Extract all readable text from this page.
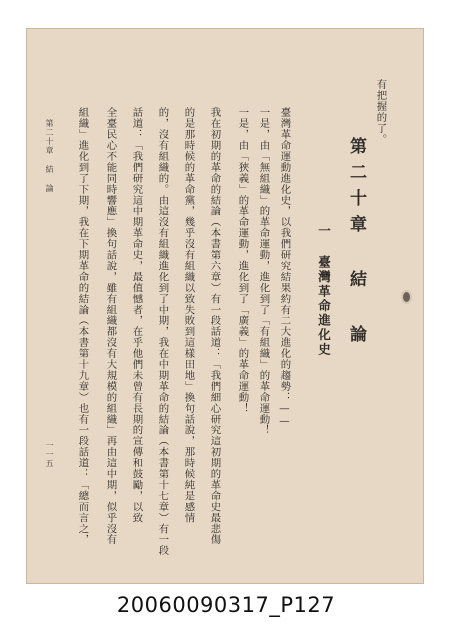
有把握的了。
第二十章 結 論
一 臺灣革命進化史
臺灣革命運動進化史，以我們研究結果約有二大進化的趨勢：——
一是，由「無組織」的革命運動，進化到了「有組織」的革命運動！
一是，由「狹義」的革命運動，進化到了「廣義」的革命運動！
我在初期的革命的結論（本書第六章）有一段話道：「我們細心研究這初期的革命史最悲傷
的是那時候的革命黨，幾乎沒有組織以致失敗到這樣田地」換句話說，那時候純是感情
的，沒有組織的。由這沒有組織進化到了中期，我在中期革命的結論（本書第十七章）有一段
話道：「我們研究這中期革命史，最值憾者，在乎他們未曾有長期的宣傳和鼓勵，以致
全臺民心不能同時響應」換句話說，雖有組織都沒有大規模的組織」再由這中期，似乎沒有
組織」進化到了下期，我在下期革命的結論（本書第十九章）也有一段話道：「總而言之，
第二十章 結 論
一一五
20060090317_P127
